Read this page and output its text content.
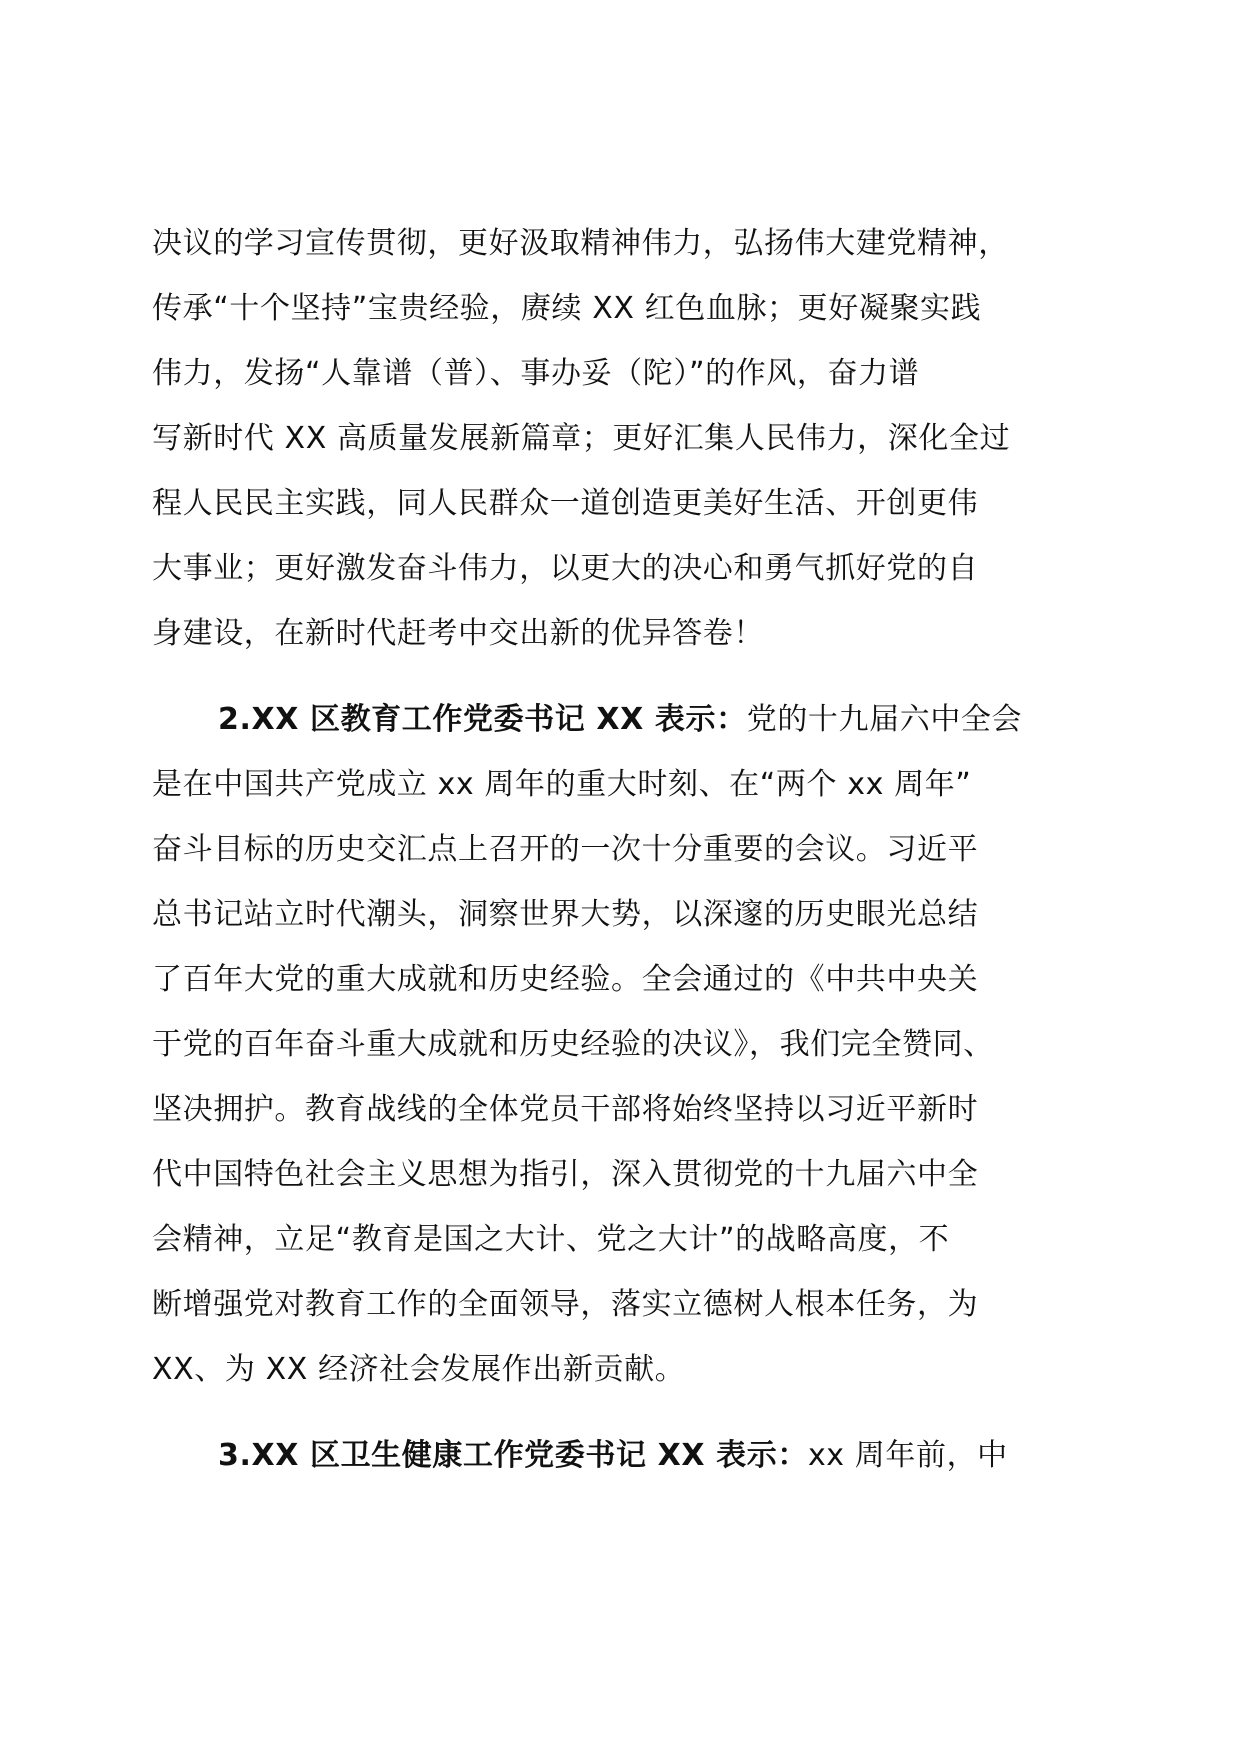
决议的学习宣传贯彻，更好汲取精神伟力，弘扬伟大建党精神，
传承“十个坚持”宝贵经验，赓续 XX 红色血脉；更好凝聚实践
伟力，发扬“人靠谱（普）、事办妥（陀）”的作风，奋力谱
写新时代 XX 高质量发展新篇章；更好汇集人民伟力，深化全过
程人民民主实践，同人民群众一道创造更美好生活、开创更伟
大事业；更好激发奋斗伟力，以更大的决心和勇气抓好党的自
身建设，在新时代赶考中交出新的优异答卷！
2.XX 区教育工作党委书记 XX 表示：党的十九届六中全会
是在中国共产党成立 xx 周年的重大时刻、在“两个 xx 周年”
奋斗目标的历史交汇点上召开的一次十分重要的会议。习近平
总书记站立时代潮头，洞察世界大势，以深邃的历史眼光总结
了百年大党的重大成就和历史经验。全会通过的《中共中央关
于党的百年奋斗重大成就和历史经验的决议》，我们完全赞同、
坚决拥护。教育战线的全体党员干部将始终坚持以习近平新时
代中国特色社会主义思想为指引，深入贯彻党的十九届六中全
会精神，立足“教育是国之大计、党之大计”的战略高度，不
断增强党对教育工作的全面领导，落实立德树人根本任务，为
XX、为 XX 经济社会发展作出新贡献。
3.XX 区卫生健康工作党委书记 XX 表示：xx 周年前，中
